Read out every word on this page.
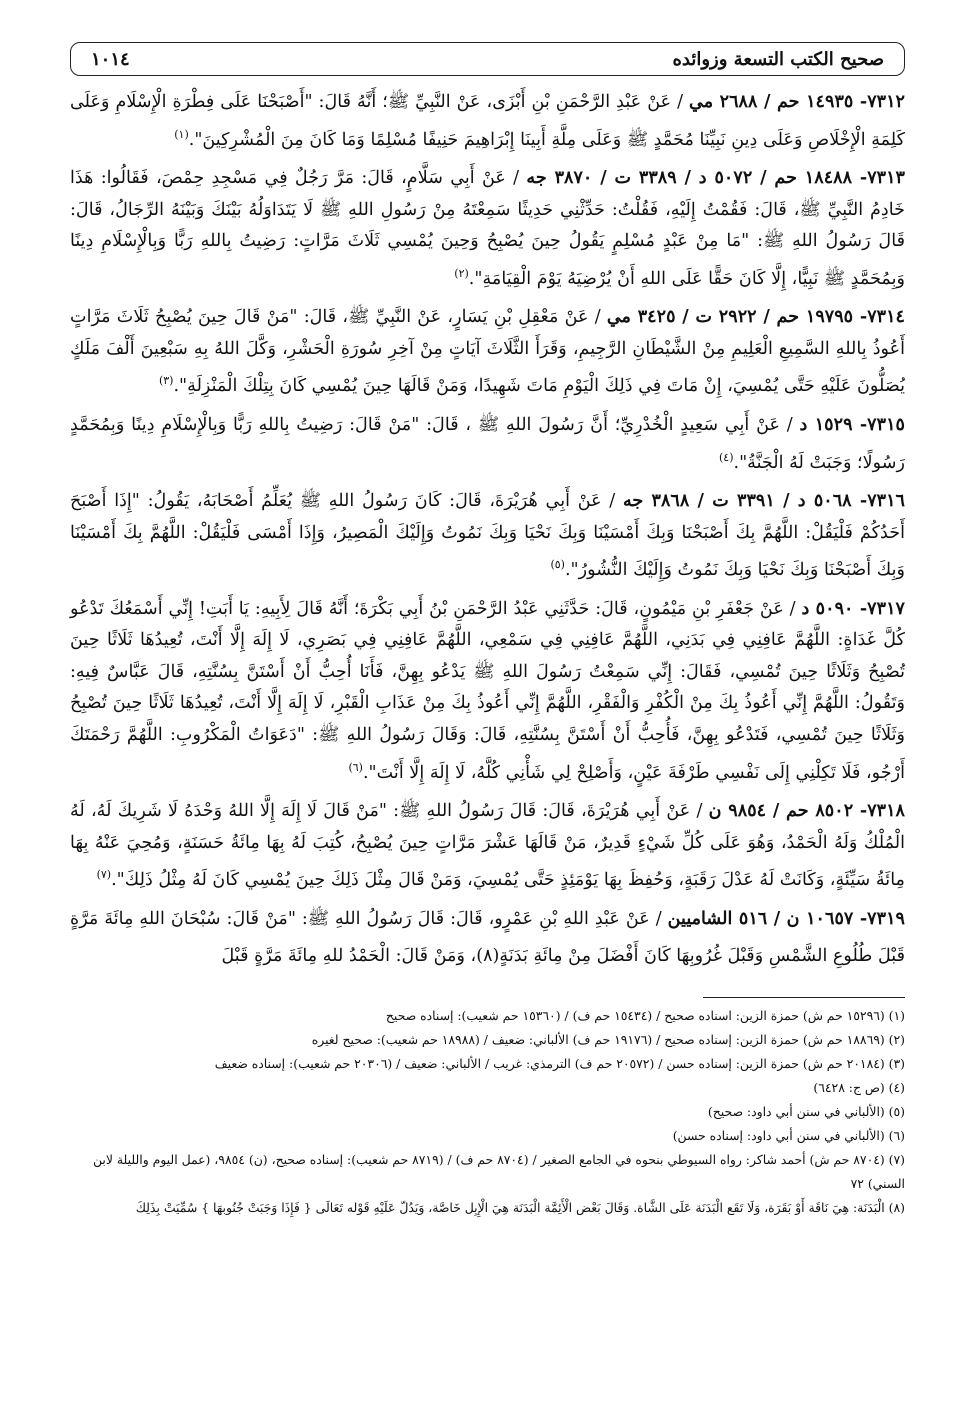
صحيح الكتب التسعة وزوائده
١٠١٤

٧٣١٢- ١٤٩٣٥ حم / ٢٦٨٨ مي / عَنْ عَبْدِ الرَّحْمَنِ بْنِ أَبْزَى، عَنْ النَّبِيِّ ﷺ؛ أَنَّهُ قَالَ: "أَصْبَحْنَا عَلَى فِطْرَةِ الْإِسْلَامِ وَعَلَى كَلِمَةِ الْإِخْلَاصِ وَعَلَى دِينِ نَبِيِّنَا مُحَمَّدٍ ﷺ وَعَلَى مِلَّةِ أَبِينَا إِبْرَاهِيمَ حَنِيفًا مُسْلِمًا وَمَا كَانَ مِنَ الْمُشْرِكِينَ".$^{(١)}$

٧٣١٣- ١٨٤٨٨ حم / ٥٠٧٢ د / ٣٣٨٩ ت / ٣٨٧٠ جه / عَنْ أَبِي سَلَّامٍ، قَالَ: مَرَّ رَجُلٌ فِي مَسْجِدِ حِمْصَ، فَقَالُوا: هَذَا خَادِمُ النَّبِيِّ ﷺ، قَالَ: فَقُمْتُ إِلَيْهِ، فَقُلْتُ: حَدِّثْنِي حَدِيثًا سَمِعْتَهُ مِنْ رَسُولِ اللهِ ﷺ لَا يَتَدَاوَلُهُ بَيْنَكَ وَبَيْنَهُ الرِّجَالُ، قَالَ: قَالَ رَسُولُ اللهِ ﷺ: "مَا مِنْ عَبْدٍ مُسْلِمٍ يَقُولُ حِينَ يُصْبِحُ وَحِينَ يُمْسِي ثَلَاثَ مَرَّاتٍ: رَضِيتُ بِاللهِ رَبًّا وَبِالْإِسْلَامِ دِينًا وَبِمُحَمَّدٍ ﷺ نَبِيًّا، إِلَّا كَانَ حَقًّا عَلَى اللهِ أَنْ يُرْضِيَهُ يَوْمَ الْقِيَامَةِ".$^{(٢)}$

٧٣١٤- ١٩٧٩٥ حم / ٢٩٢٢ ت / ٣٤٢٥ مي / عَنْ مَعْقِلِ بْنِ يَسَارٍ، عَنْ النَّبِيِّ ﷺ، قَالَ: "مَنْ قَالَ حِينَ يُصْبِحُ ثَلَاثَ مَرَّاتٍ أَعُوذُ بِاللهِ السَّمِيعِ الْعَلِيمِ مِنْ الشَّيْطَانِ الرَّجِيمِ، وَقَرَأَ الثَّلَاثَ آيَاتٍ مِنْ آخِرِ سُورَةِ الْحَشْرِ، وَكَّلَ اللهُ بِهِ سَبْعِينَ أَلْفَ مَلَكٍ يُصَلُّونَ عَلَيْهِ حَتَّى يُمْسِيَ، إِنْ مَاتَ فِي ذَلِكَ الْيَوْمِ مَاتَ شَهِيدًا، وَمَنْ قَالَهَا حِينَ يُمْسِي كَانَ بِتِلْكَ الْمَنْزِلَةِ".$^{(٣)}$

٧٣١٥- ١٥٢٩ د / عَنْ أَبِي سَعِيدٍ الْخُدْرِيِّ؛ أَنَّ رَسُولَ اللهِ ﷺ ، قَالَ: "مَنْ قَالَ: رَضِيتُ بِاللهِ رَبًّا وَبِالْإِسْلَامِ دِينًا وَبِمُحَمَّدٍ رَسُولًا؛ وَجَبَتْ لَهُ الْجَنَّةُ".$^{(٤)}$

٧٣١٦- ٥٠٦٨ د / ٣٣٩١ ت / ٣٨٦٨ جه / عَنْ أَبِي هُرَيْرَةَ، قَالَ: كَانَ رَسُولُ اللهِ ﷺ يُعَلِّمُ أَصْحَابَهُ، يَقُولُ: "إِذَا أَصْبَحَ أَحَدُكُمْ فَلْيَقُلْ: اللَّهُمَّ بِكَ أَصْبَحْنَا وَبِكَ أَمْسَيْنَا وَبِكَ نَحْيَا وَبِكَ نَمُوتُ وَإِلَيْكَ الْمَصِيرُ، وَإِذَا أَمْسَى فَلْيَقُلْ: اللَّهُمَّ بِكَ أَمْسَيْنَا وَبِكَ أَصْبَحْنَا وَبِكَ نَحْيَا وَبِكَ نَمُوتُ وَإِلَيْكَ النُّشُورُ".$^{(٥)}$

٧٣١٧- ٥٠٩٠ د / عَنْ جَعْفَرِ بْنِ مَيْمُونٍ، قَالَ: حَدَّثَنِي عَبْدُ الرَّحْمَنِ بْنُ أَبِي بَكْرَةَ؛ أَنَّهُ قَالَ لِأَبِيهِ: يَا أَبَتِ! إِنِّي أَسْمَعُكَ تَدْعُو كُلَّ غَدَاةٍ: اللَّهُمَّ عَافِنِي فِي بَدَنِي، اللَّهُمَّ عَافِنِي فِي سَمْعِي، اللَّهُمَّ عَافِنِي فِي بَصَرِي، لَا إِلَهَ إِلَّا أَنْتَ، تُعِيدُهَا ثَلَاثًا حِينَ تُصْبِحُ وَثَلَاثًا حِينَ تُمْسِي، فَقَالَ: إِنِّي سَمِعْتُ رَسُولَ اللهِ ﷺ يَدْعُو بِهِنَّ، فَأَنَا أُحِبُّ أَنْ أَسْتَنَّ بِسُنَّتِهِ، قَالَ عَبَّاسٌ فِيهِ: وَتَقُولُ: اللَّهُمَّ إِنِّي أَعُوذُ بِكَ مِنْ الْكُفْرِ وَالْفَقْرِ، اللَّهُمَّ إِنِّي أَعُوذُ بِكَ مِنْ عَذَابِ الْقَبْرِ، لَا إِلَهَ إِلَّا أَنْتَ، تُعِيدُهَا ثَلَاثًا حِينَ تُصْبِحُ وَثَلَاثًا حِينَ تُمْسِي، فَتَدْعُو بِهِنَّ، فَأُحِبُّ أَنْ أَسْتَنَّ بِسُنَّتِهِ، قَالَ: وَقَالَ رَسُولُ اللهِ ﷺ: "دَعَوَاتُ الْمَكْرُوبِ: اللَّهُمَّ رَحْمَتَكَ أَرْجُو، فَلَا تَكِلْنِي إِلَى نَفْسِي طَرْفَةَ عَيْنٍ، وَأَصْلِحْ لِي شَأْنِي كُلَّهُ، لَا إِلَهَ إِلَّا أَنْتَ".$^{(٦)}$

٧٣١٨- ٨٥٠٢ حم / ٩٨٥٤ ن / عَنْ أَبِي هُرَيْرَةَ، قَالَ: قَالَ رَسُولُ اللهِ ﷺ: "مَنْ قَالَ لَا إِلَهَ إِلَّا اللهُ وَحْدَهُ لَا شَرِيكَ لَهُ، لَهُ الْمُلْكُ وَلَهُ الْحَمْدُ، وَهُوَ عَلَى كُلِّ شَيْءٍ قَدِيرٌ، مَنْ قَالَهَا عَشْرَ مَرَّاتٍ حِينَ يُصْبِحُ، كُتِبَ لَهُ بِهَا مِائَةُ حَسَنَةٍ، وَمُحِيَ عَنْهُ بِهَا مِائَةُ سَيِّئَةٍ، وَكَانَتْ لَهُ عَدْلَ رَقَبَةٍ، وَحُفِظَ بِهَا يَوْمَئِذٍ حَتَّى يُمْسِيَ، وَمَنْ قَالَ مِثْلَ ذَلِكَ حِينَ يُمْسِي كَانَ لَهُ مِثْلُ ذَلِكَ".$^{(٧)}$

٧٣١٩- ١٠٦٥٧ ن / ٥١٦ الشاميين / عَنْ عَبْدِ اللهِ بْنِ عَمْرٍو، قَالَ: قَالَ رَسُولُ اللهِ ﷺ: "مَنْ قَالَ: سُبْحَانَ اللهِ مِائَةَ مَرَّةٍ قَبْلَ طُلُوعِ الشَّمْسِ وَقَبْلَ غُرُوبِهَا كَانَ أَفْضَلَ مِنْ مِائَةِ بَدَنَةٍ(٨)، وَمَنْ قَالَ: الْحَمْدُ للهِ مِائَةَ مَرَّةٍ قَبْلَ

(١) (١٥٢٩٦ حم ش) حمزة الزين: اسناده صحيح / (١٥٤٣٤ حم ف) / (١٥٣٦٠ حم شعيب): إسناده صحيح

(٢) (١٨٨٦٩ حم ش) حمزة الزين: إسناده صحيح / (١٩١٧٦ حم ف) الألباني: ضعيف / (١٨٩٨٨ حم شعيب): صحيح لغيره

(٣) (٢٠١٨٤ حم ش) حمزة الزين: إسناده حسن / (٢٠٥٧٢ حم ف) الترمذي: غريب / الألباني: ضعيف / (٢٠٣٠٦ حم شعيب): إسناده ضعيف

(٤) (ص ج: ٦٤٢٨)

(٥) (الألباني في سنن أبي داود: صحيح)

(٦) (الألباني في سنن أبي داود: إسناده حسن)

(٧) (٨٧٠٤ حم ش) أحمد شاكر: رواه السيوطي بنحوه في الجامع الصغير / (٨٧٠٤ حم ف) / (٨٧١٩ حم شعيب): إسناده صحيح، (ن) ٩٨٥٤، (عمل اليوم والليلة لابن السني) ٧٢

(٨) الْبَدَنَة: هِيَ نَاقَة أَوْ بَقَرَة، وَلَا تَقَع الْبَدَنَة عَلَى الشَّاة. وَقَالَ بَعْض الْأَئِمَّة الْبَدَنَة هِيَ الْإِبِل خَاصَّة، وَيَدُلّ عَلَيْهِ قَوْله تَعَالَى { فَإِذَا وَجَبَتْ جُنُوبهَا } سُمِّيَتْ بِذَلِكَ
